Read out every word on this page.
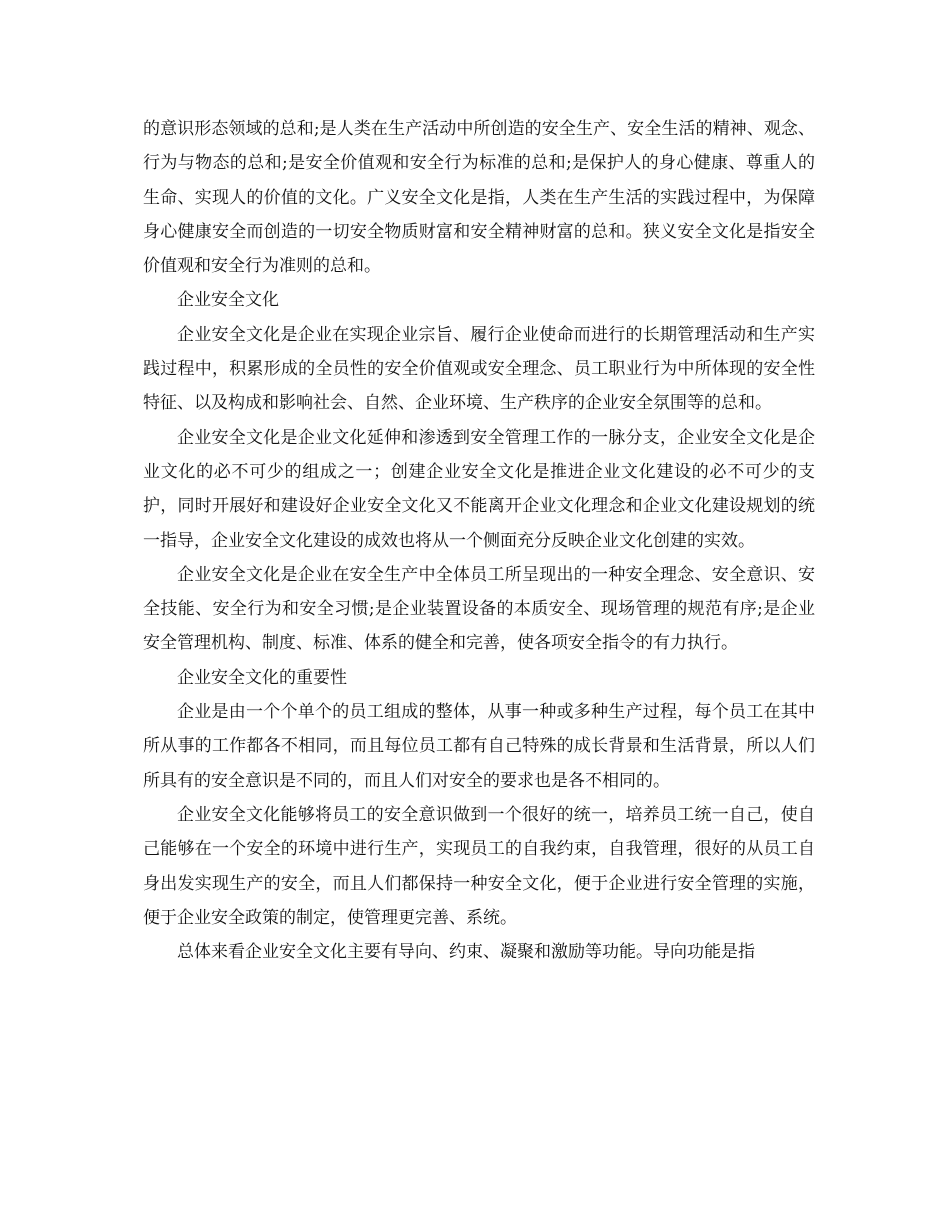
的意识形态领域的总和;是人类在生产活动中所创造的安全生产、安全生活的精神、观念、行为与物态的总和;是安全价值观和安全行为标准的总和;是保护人的身心健康、尊重人的生命、实现人的价值的文化。广义安全文化是指，人类在生产生活的实践过程中，为保障身心健康安全而创造的一切安全物质财富和安全精神财富的总和。狭义安全文化是指安全价值观和安全行为准则的总和。

企业安全文化

企业安全文化是企业在实现企业宗旨、履行企业使命而进行的长期管理活动和生产实践过程中，积累形成的全员性的安全价值观或安全理念、员工职业行为中所体现的安全性特征、以及构成和影响社会、自然、企业环境、生产秩序的企业安全氛围等的总和。

企业安全文化是企业文化延伸和渗透到安全管理工作的一脉分支，企业安全文化是企业文化的必不可少的组成之一；创建企业安全文化是推进企业文化建设的必不可少的支护，同时开展好和建设好企业安全文化又不能离开企业文化理念和企业文化建设规划的统一指导，企业安全文化建设的成效也将从一个侧面充分反映企业文化创建的实效。

企业安全文化是企业在安全生产中全体员工所呈现出的一种安全理念、安全意识、安全技能、安全行为和安全习惯;是企业装置设备的本质安全、现场管理的规范有序;是企业安全管理机构、制度、标准、体系的健全和完善，使各项安全指令的有力执行。

企业安全文化的重要性

企业是由一个个单个的员工组成的整体，从事一种或多种生产过程，每个员工在其中所从事的工作都各不相同，而且每位员工都有自己特殊的成长背景和生活背景，所以人们所具有的安全意识是不同的，而且人们对安全的要求也是各不相同的。

企业安全文化能够将员工的安全意识做到一个很好的统一，培养员工统一自己，使自己能够在一个安全的环境中进行生产，实现员工的自我约束，自我管理，很好的从员工自身出发实现生产的安全，而且人们都保持一种安全文化，便于企业进行安全管理的实施，便于企业安全政策的制定，使管理更完善、系统。

总体来看企业安全文化主要有导向、约束、凝聚和激励等功能。导向功能是指
